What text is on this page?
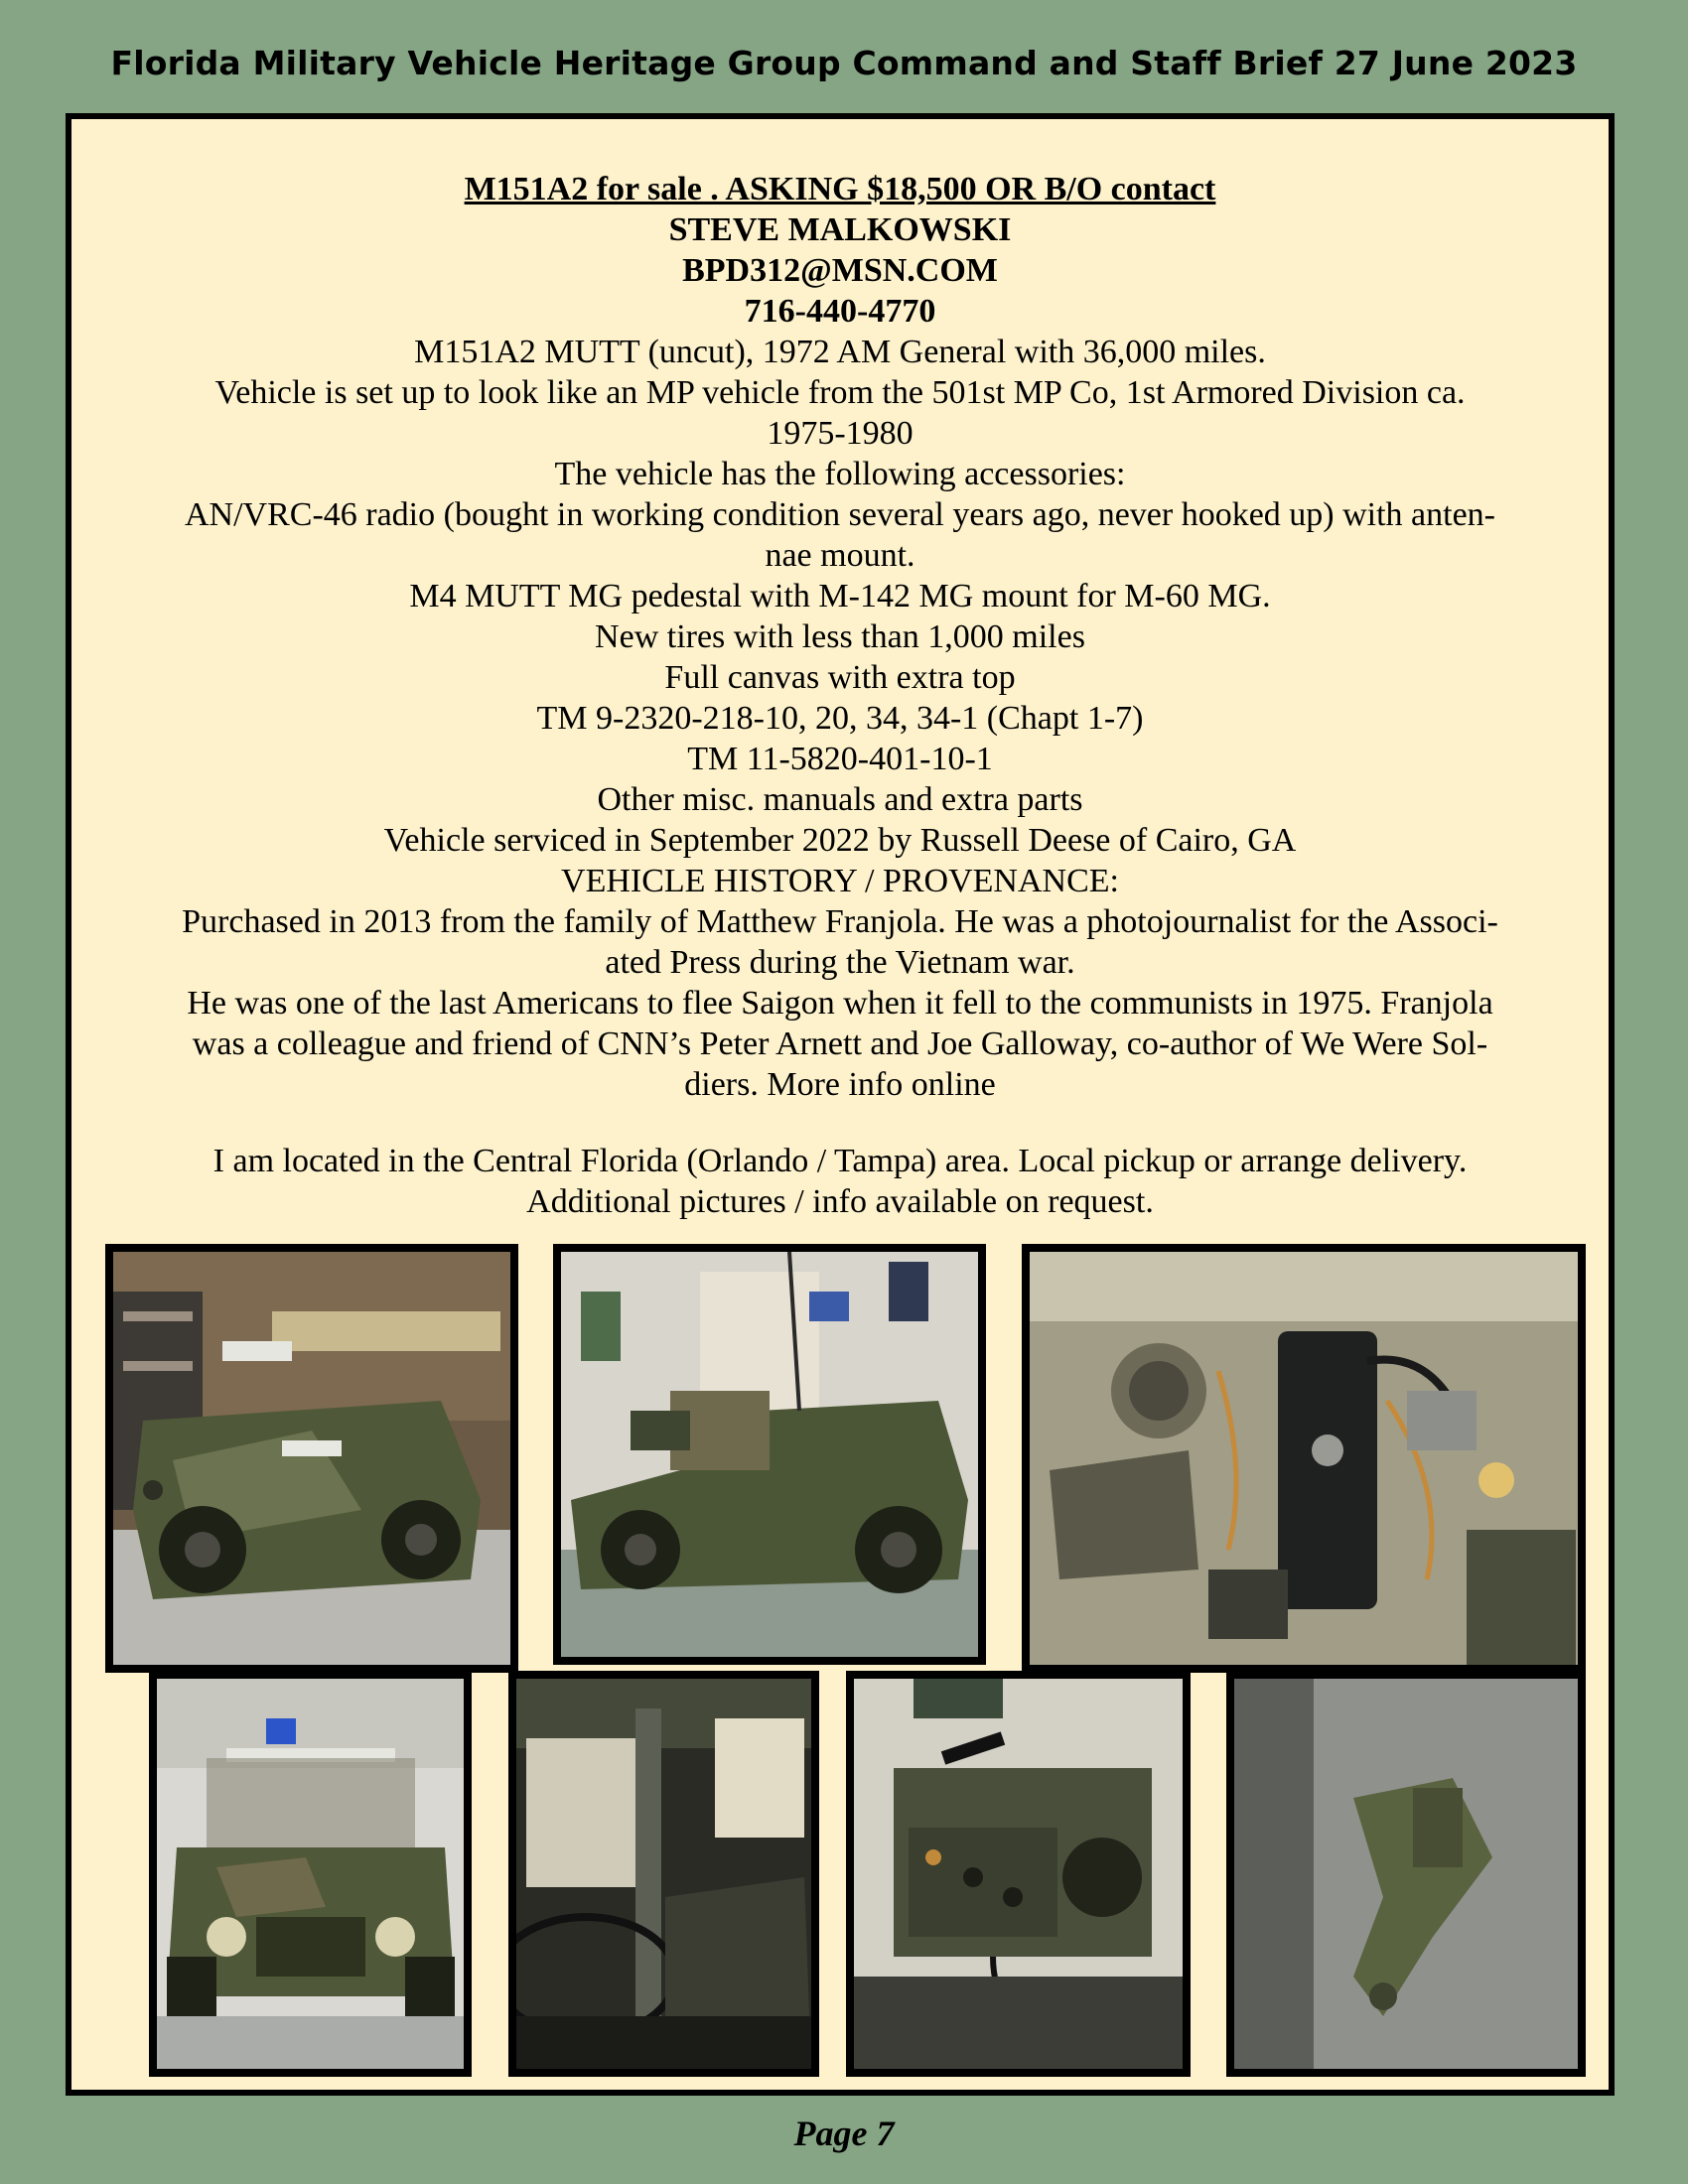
Florida Military Vehicle Heritage Group Command and Staff Brief 27 June 2023
M151A2 for sale . ASKING $18,500 OR B/O contact
STEVE MALKOWSKI
BPD312@MSN.COM
716-440-4770
M151A2 MUTT (uncut), 1972 AM General with 36,000 miles.
Vehicle is set up to look like an MP vehicle from the 501st MP Co, 1st Armored Division ca.
1975-1980
The vehicle has the following accessories:
AN/VRC-46 radio (bought in working condition several years ago, never hooked up) with anten-
nae mount.
M4 MUTT MG pedestal with M-142 MG mount for M-60 MG.
New tires with less than 1,000 miles
Full canvas with extra top
TM 9-2320-218-10, 20, 34, 34-1 (Chapt 1-7)
TM 11-5820-401-10-1
Other misc. manuals and extra parts
Vehicle serviced in September 2022 by Russell Deese of Cairo, GA
VEHICLE HISTORY / PROVENANCE:
Purchased in 2013 from the family of Matthew Franjola. He was a photojournalist for the Associ-
ated Press during the Vietnam war.
He was one of the last Americans to flee Saigon when it fell to the communists in 1975. Franjola
was a colleague and friend of CNN’s Peter Arnett and Joe Galloway, co-author of We Were Sol-
diers. More info online
I am located in the Central Florida (Orlando / Tampa) area. Local pickup or arrange delivery.
Additional pictures / info available on request.
Page 7
